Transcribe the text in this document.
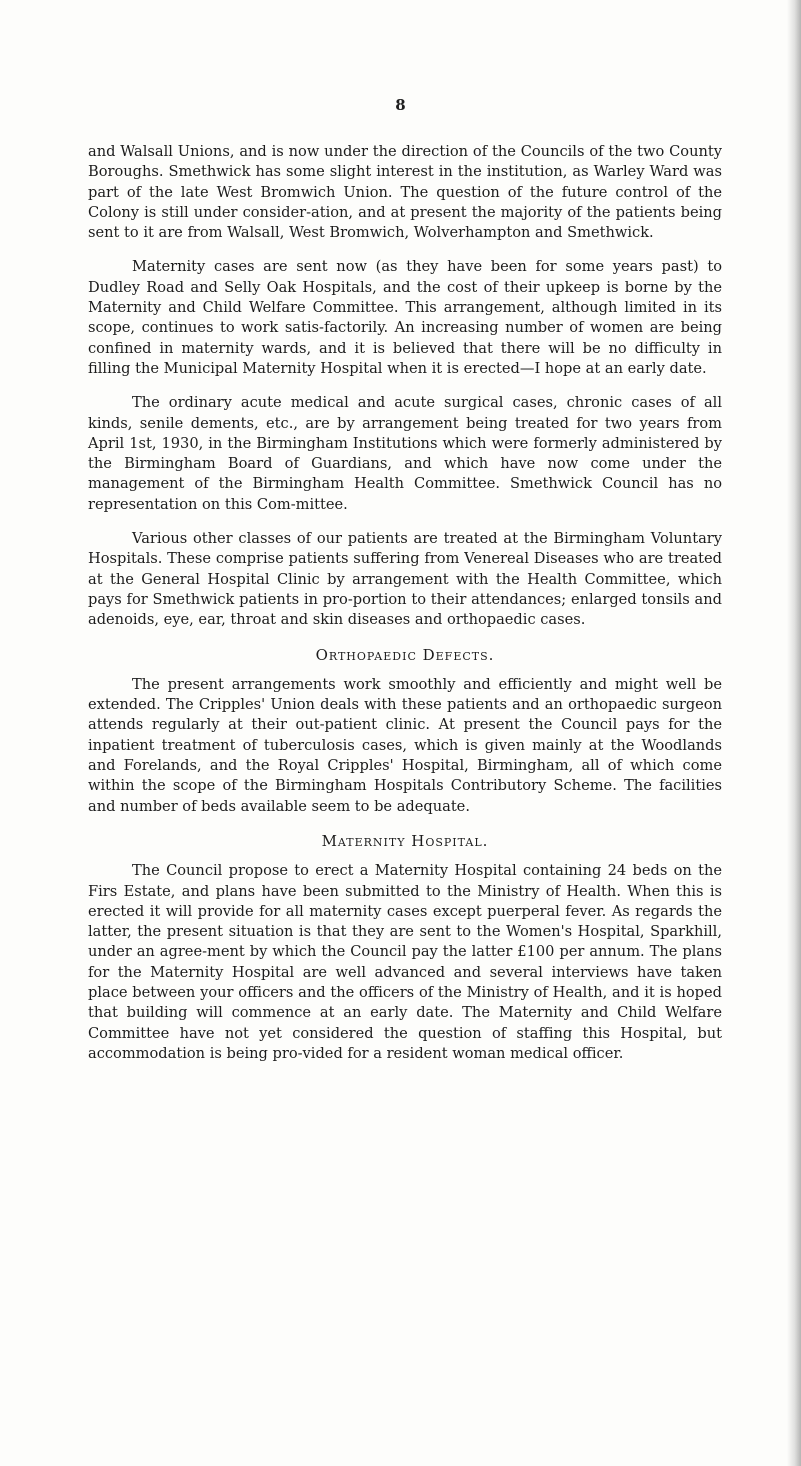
8

and Walsall Unions, and is now under the direction of the Councils of the two County Boroughs. Smethwick has some slight interest in the institution, as Warley Ward was part of the late West Bromwich Union. The question of the future control of the Colony is still under consider-ation, and at present the majority of the patients being sent to it are from Walsall, West Bromwich, Wolverhampton and Smethwick.

Maternity cases are sent now (as they have been for some years past) to Dudley Road and Selly Oak Hospitals, and the cost of their upkeep is borne by the Maternity and Child Welfare Committee. This arrangement, although limited in its scope, continues to work satis-factorily. An increasing number of women are being confined in maternity wards, and it is believed that there will be no difficulty in filling the Municipal Maternity Hospital when it is erected—I hope at an early date.

The ordinary acute medical and acute surgical cases, chronic cases of all kinds, senile dements, etc., are by arrangement being treated for two years from April 1st, 1930, in the Birmingham Institutions which were formerly administered by the Birmingham Board of Guardians, and which have now come under the management of the Birmingham Health Committee. Smethwick Council has no representation on this Com-mittee.

Various other classes of our patients are treated at the Birmingham Voluntary Hospitals. These comprise patients suffering from Venereal Diseases who are treated at the General Hospital Clinic by arrangement with the Health Committee, which pays for Smethwick patients in pro-portion to their attendances; enlarged tonsils and adenoids, eye, ear, throat and skin diseases and orthopaedic cases.

Orthopaedic Defects.

The present arrangements work smoothly and efficiently and might well be extended. The Cripples' Union deals with these patients and an orthopaedic surgeon attends regularly at their out-patient clinic. At present the Council pays for the inpatient treatment of tuberculosis cases, which is given mainly at the Woodlands and Forelands, and the Royal Cripples' Hospital, Birmingham, all of which come within the scope of the Birmingham Hospitals Contributory Scheme. The facilities and number of beds available seem to be adequate.

Maternity Hospital.

The Council propose to erect a Maternity Hospital containing 24 beds on the Firs Estate, and plans have been submitted to the Ministry of Health. When this is erected it will provide for all maternity cases except puerperal fever. As regards the latter, the present situation is that they are sent to the Women's Hospital, Sparkhill, under an agree-ment by which the Council pay the latter £100 per annum. The plans for the Maternity Hospital are well advanced and several interviews have taken place between your officers and the officers of the Ministry of Health, and it is hoped that building will commence at an early date. The Maternity and Child Welfare Committee have not yet considered the question of staffing this Hospital, but accommodation is being pro-vided for a resident woman medical officer.
